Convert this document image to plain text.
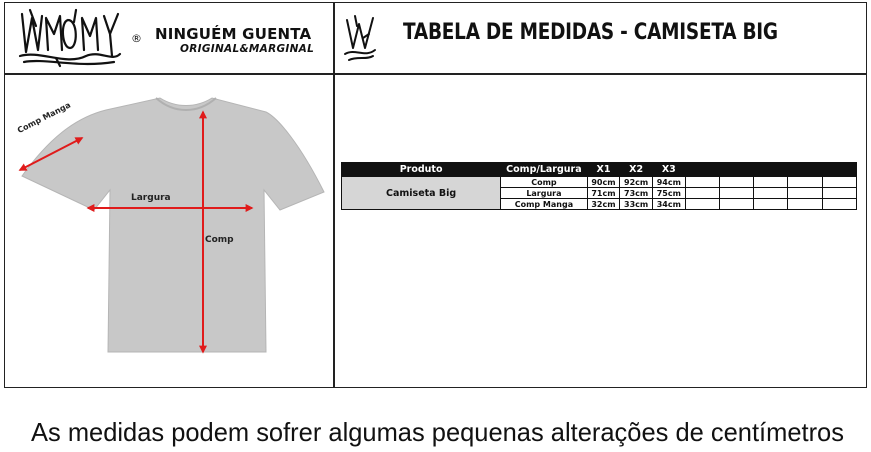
® NINGUÉM GUENTA
ORIGINAL&MARGINAL
TABELA DE MEDIDAS - CAMISETA BIG
Comp Manga
Largura
Comp
Produto	Comp/Largura	X1	X2	X3					
Camiseta Big	Comp	90cm	92cm	94cm					
	Largura	71cm	73cm	75cm					
	Comp Manga	32cm	33cm	34cm					
As medidas podem sofrer algumas pequenas alterações de centímetros
